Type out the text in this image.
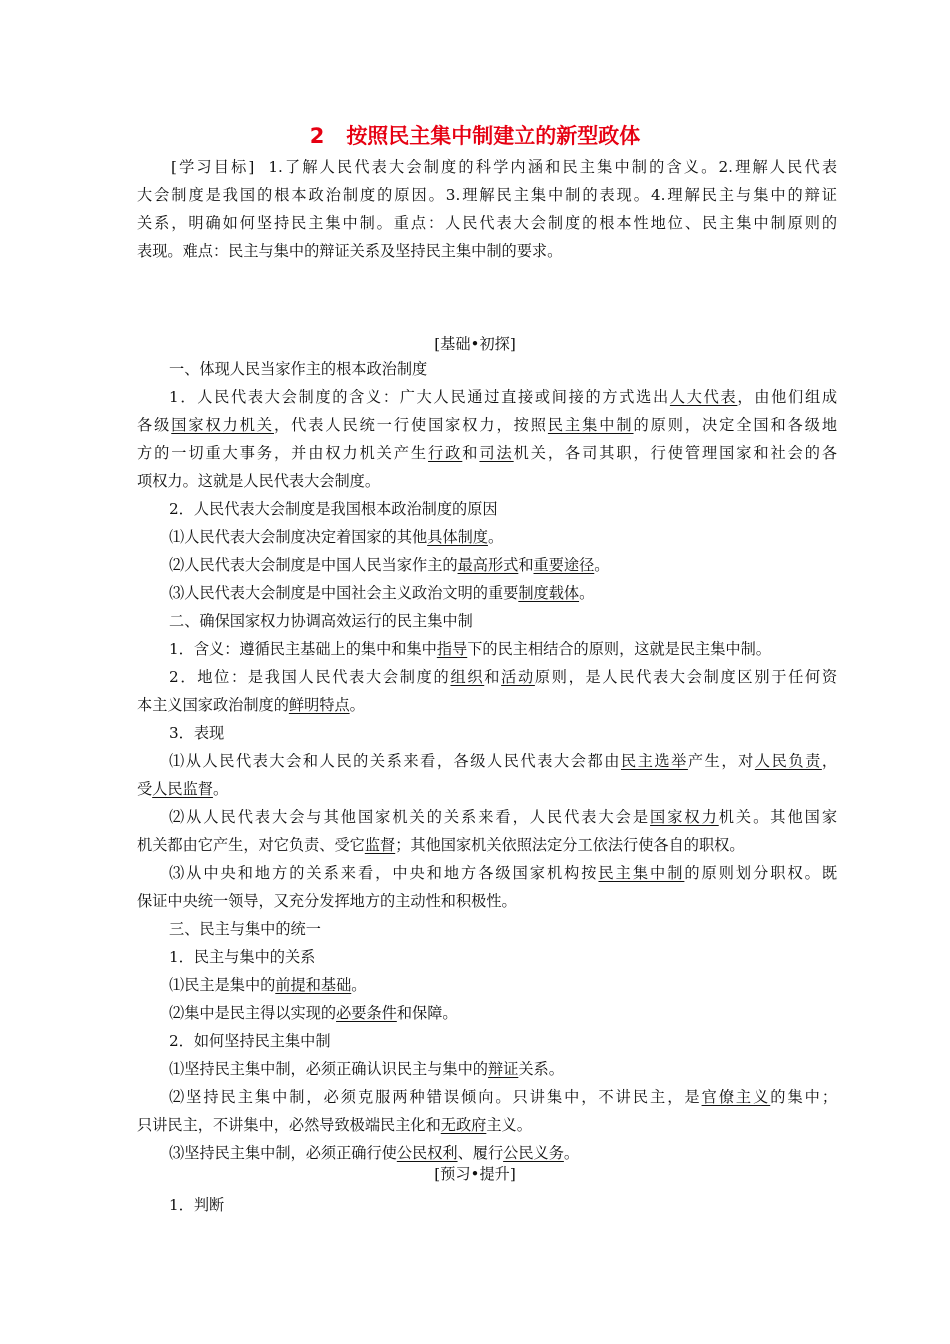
2 按照民主集中制建立的新型政体
[学习目标] 1.了解人民代表大会制度的科学内涵和民主集中制的含义。2.理解人民代表
大会制度是我国的根本政治制度的原因。3.理解民主集中制的表现。4.理解民主与集中的辩证
关系，明确如何坚持民主集中制。重点：人民代表大会制度的根本性地位、民主集中制原则的
表现。难点：民主与集中的辩证关系及坚持民主集中制的要求。
[基础•初探]
一、体现人民当家作主的根本政治制度
1．人民代表大会制度的含义：广大人民通过直接或间接的方式选出人大代表，由他们组成
各级国家权力机关，代表人民统一行使国家权力，按照民主集中制的原则，决定全国和各级地
方的一切重大事务，并由权力机关产生行政和司法机关，各司其职，行使管理国家和社会的各
项权力。这就是人民代表大会制度。
2．人民代表大会制度是我国根本政治制度的原因
⑴人民代表大会制度决定着国家的其他具体制度。
⑵人民代表大会制度是中国人民当家作主的最高形式和重要途径。
⑶人民代表大会制度是中国社会主义政治文明的重要制度载体。
二、确保国家权力协调高效运行的民主集中制
1．含义：遵循民主基础上的集中和集中指导下的民主相结合的原则，这就是民主集中制。
2．地位：是我国人民代表大会制度的组织和活动原则，是人民代表大会制度区别于任何资
本主义国家政治制度的鲜明特点。
3．表现
⑴从人民代表大会和人民的关系来看，各级人民代表大会都由民主选举产生，对人民负责，
受人民监督。
⑵从人民代表大会与其他国家机关的关系来看，人民代表大会是国家权力机关。其他国家
机关都由它产生，对它负责、受它监督；其他国家机关依照法定分工依法行使各自的职权。
⑶从中央和地方的关系来看，中央和地方各级国家机构按民主集中制的原则划分职权。既
保证中央统一领导，又充分发挥地方的主动性和积极性。
三、民主与集中的统一
1．民主与集中的关系
⑴民主是集中的前提和基础。
⑵集中是民主得以实现的必要条件和保障。
2．如何坚持民主集中制
⑴坚持民主集中制，必须正确认识民主与集中的辩证关系。
⑵坚持民主集中制，必须克服两种错误倾向。只讲集中，不讲民主，是官僚主义的集中；
只讲民主，不讲集中，必然导致极端民主化和无政府主义。
⑶坚持民主集中制，必须正确行使公民权利、履行公民义务。
[预习•提升]
1．判断
